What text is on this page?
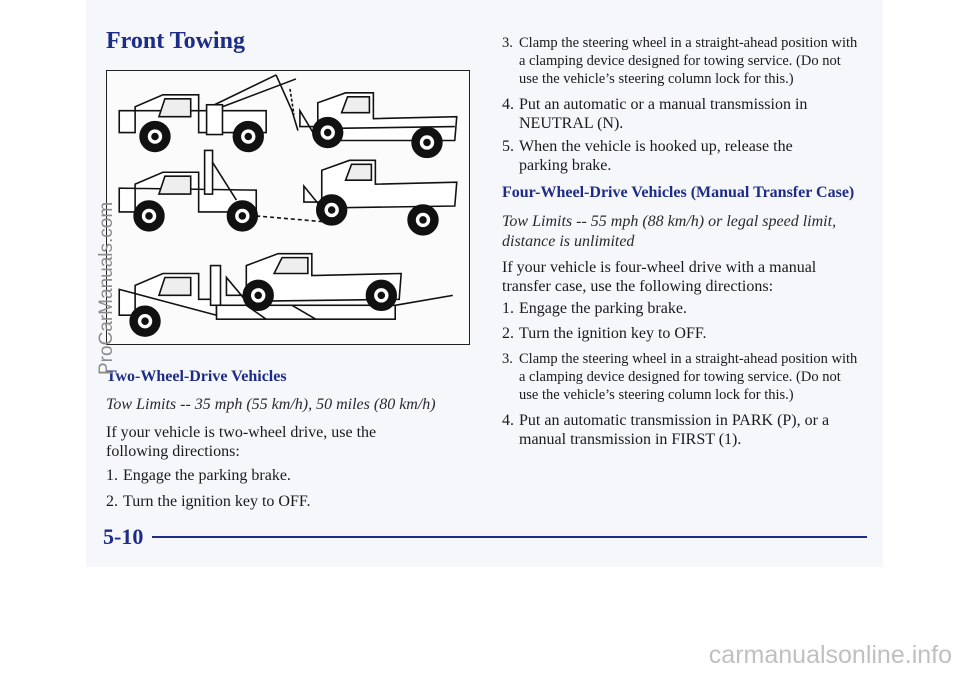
Front Towing
Two-Wheel-Drive Vehicles

Tow Limits -- 35 mph (55 km/h), 50 miles (80 km/h)

If your vehicle is two-wheel drive, use the following directions:

1. Engage the parking brake.
2. Turn the ignition key to OFF.
3. Clamp the steering wheel in a straight-ahead position with a clamping device designed for towing service. (Do not use the vehicle’s steering column lock for this.)
4. Put an automatic or a manual transmission in NEUTRAL (N).
5. When the vehicle is hooked up, release the parking brake.
Four-Wheel-Drive Vehicles (Manual Transfer Case)

Tow Limits -- 55 mph (88 km/h) or legal speed limit, distance is unlimited

If your vehicle is four-wheel drive with a manual transfer case, use the following directions:

1. Engage the parking brake.
2. Turn the ignition key to OFF.
3. Clamp the steering wheel in a straight-ahead position with a clamping device designed for towing service. (Do not use the vehicle’s steering column lock for this.)
4. Put an automatic transmission in PARK (P), or a manual transmission in FIRST (1).

5-10

ProCarManuals.com

carmanualsonline.info
